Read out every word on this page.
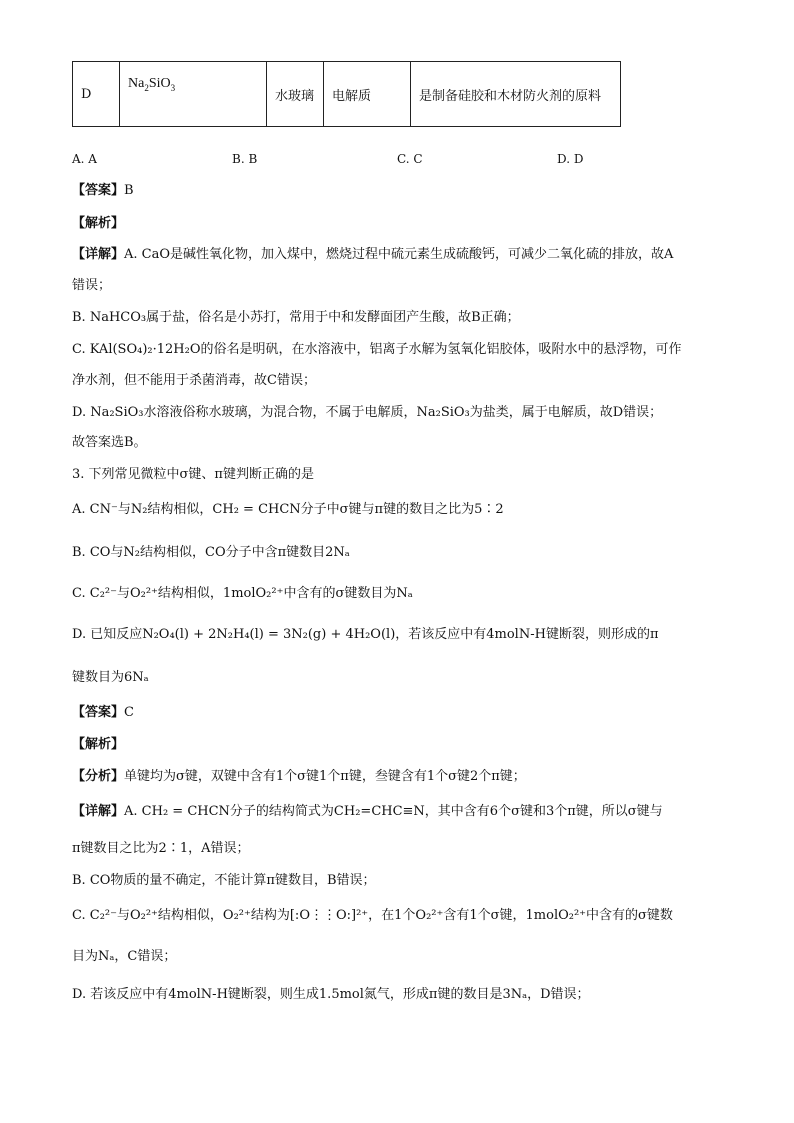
D	$Na_2SiO_3$	水玻璃	电解质	是制备硅胶和木材防火剂的原料
A. A	B. B	C. C	D. D
【答案】B
【解析】
【详解】A. CaO是碱性氧化物，加入煤中，燃烧过程中硫元素生成硫酸钙，可减少二氧化硫的排放，故A
错误；
B. NaHCO₃属于盐，俗名是小苏打，常用于中和发酵面团产生酸，故B正确；
C. KAl(SO₄)₂·12H₂O的俗名是明矾，在水溶液中，铝离子水解为氢氧化铝胶体，吸附水中的悬浮物，可作
净水剂，但不能用于杀菌消毒，故C错误；
D. Na₂SiO₃水溶液俗称水玻璃，为混合物，不属于电解质，Na₂SiO₃为盐类，属于电解质，故D错误；
故答案选B。
3. 下列常见微粒中σ键、π键判断正确的是
A. CN⁻与N₂结构相似，CH₂ = CHCN分子中σ键与π键的数目之比为5∶2
B. CO与N₂结构相似，CO分子中含π键数目2Nₐ
C. C₂²⁻与O₂²⁺结构相似，1molO₂²⁺中含有的σ键数目为Nₐ
D. 已知反应N₂O₄(l) + 2N₂H₄(l) = 3N₂(g) + 4H₂O(l)，若该反应中有4molN-H键断裂，则形成的π
键数目为6Nₐ
【答案】C
【解析】
【分析】单键均为σ键，双键中含有1个σ键1个π键，叁键含有1个σ键2个π键；
【详解】A. CH₂ = CHCN分子的结构简式为CH₂=CHC≡N，其中含有6个σ键和3个π键，所以σ键与
π键数目之比为2∶1，A错误；
B. CO物质的量不确定，不能计算π键数目，B错误；
C. C₂²⁻与O₂²⁺结构相似，O₂²⁺结构为[:O⋮⋮O:]²⁺，在1个O₂²⁺含有1个σ键，1molO₂²⁺中含有的σ键数
目为Nₐ，C错误；
D. 若该反应中有4molN-H键断裂，则生成1.5mol氮气，形成π键的数目是3Nₐ，D错误；
